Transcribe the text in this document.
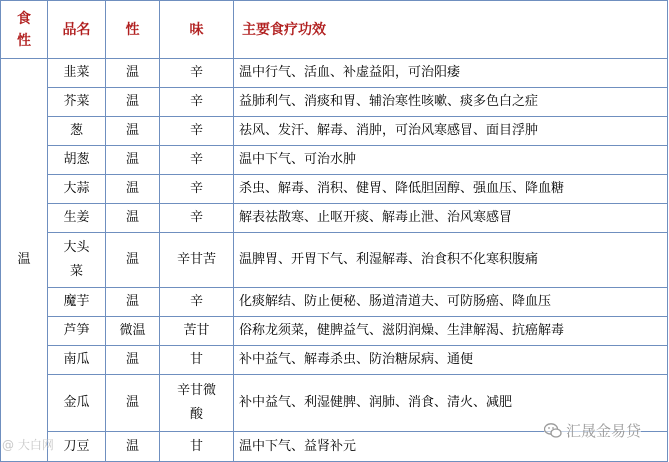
食性	品名	性	味	主要食疗功效
温	韭菜	温	辛	温中行气、活血、补虚益阳，可治阳痿
	芥菜	温	辛	益肺利气、消痰和胃、辅治寒性咳嗽、痰多色白之症
	葱	温	辛	祛风、发汗、解毒、消肿，可治风寒感冒、面目浮肿
	胡葱	温	辛	温中下气、可治水肿
	大蒜	温	辛	杀虫、解毒、消积、健胃、降低胆固醇、强血压、降血糖
	生姜	温	辛	解表祛散寒、止呕开痰、解毒止泄、治风寒感冒
	大头菜	温	辛甘苦	温脾胃、开胃下气、利湿解毒、治食积不化寒积腹痛
	魔芋	温	辛	化痰解结、防止便秘、肠道清道夫、可防肠癌、降血压
	芦笋	微温	苦甘	俗称龙须菜，健脾益气、滋阴润燥、生津解渴、抗癌解毒
	南瓜	温	甘	补中益气、解毒杀虫、防治糖尿病、通便
	金瓜	温	辛甘微酸	补中益气、利湿健脾、润肺、消食、清火、减肥
	刀豆	温	甘	温中下气、益肾补元
@ 大白网
汇晟金易贷
